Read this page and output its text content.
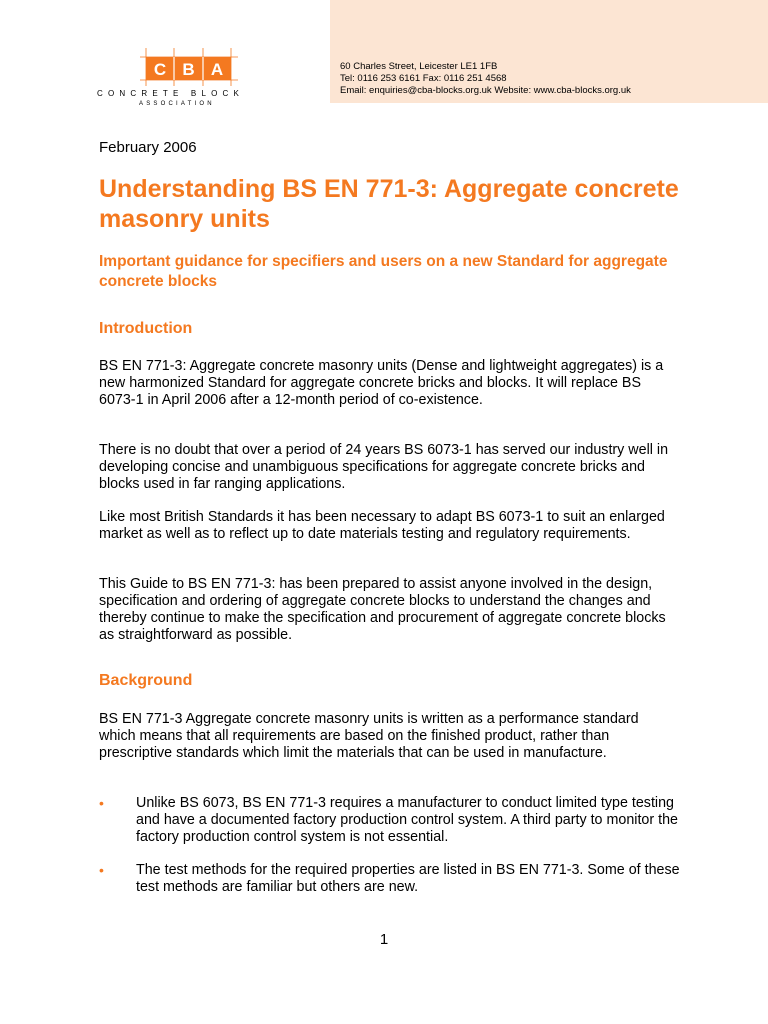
60 Charles Street, Leicester LE1 1FB
Tel: 0116 253 6161 Fax: 0116 251 4568
Email: enquiries@cba-blocks.org.uk Website: www.cba-blocks.org.uk
C B A
CONCRETE BLOCK
ASSOCIATION
February 2006
Understanding BS EN 771-3: Aggregate concrete masonry units
Important guidance for specifiers and users on a new Standard for aggregate concrete blocks
Introduction

BS EN 771-3: Aggregate concrete masonry units (Dense and lightweight aggregates) is a new harmonized Standard for aggregate concrete bricks and blocks. It will replace BS 6073-1 in April 2006 after a 12-month period of co-existence.

There is no doubt that over a period of 24 years BS 6073-1 has served our industry well in developing concise and unambiguous specifications for aggregate concrete bricks and blocks used in far ranging applications.

Like most British Standards it has been necessary to adapt BS 6073-1 to suit an enlarged market as well as to reflect up to date materials testing and regulatory requirements.

This Guide to BS EN 771-3: has been prepared to assist anyone involved in the design, specification and ordering of aggregate concrete blocks to understand the changes and thereby continue to make the specification and procurement of aggregate concrete blocks as straightforward as possible.

Background

BS EN 771-3 Aggregate concrete masonry units is written as a performance standard which means that all requirements are based on the finished product, rather than prescriptive standards which limit the materials that can be used in manufacture.

• Unlike BS 6073, BS EN 771-3 requires a manufacturer to conduct limited type testing and have a documented factory production control system. A third party to monitor the factory production control system is not essential.

• The test methods for the required properties are listed in BS EN 771-3. Some of these test methods are familiar but others are new.

1
